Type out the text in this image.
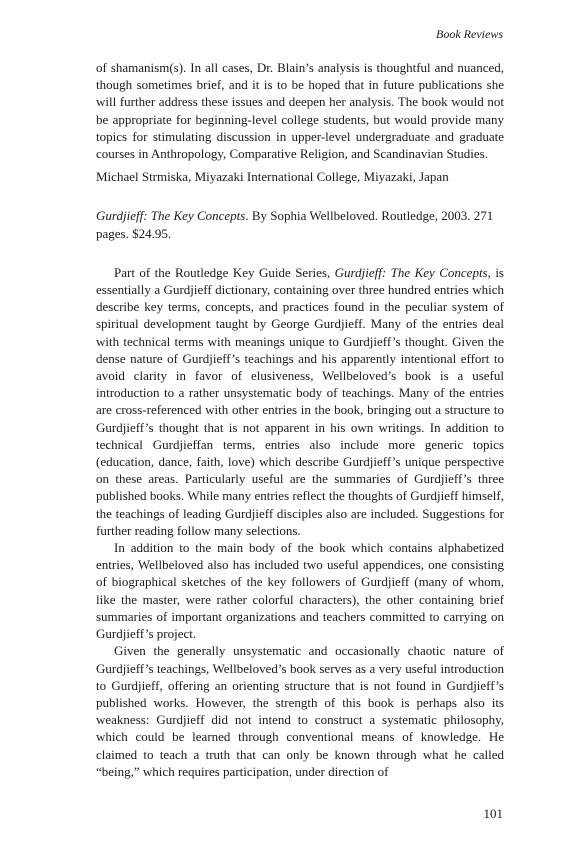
Book Reviews

of shamanism(s). In all cases, Dr. Blain’s analysis is thoughtful and nuanced, though sometimes brief, and it is to be hoped that in future publications she will further address these issues and deepen her analysis. The book would not be appropriate for beginning-level college students, but would provide many topics for stimulating discussion in upper-level undergraduate and graduate courses in Anthropology, Comparative Religion, and Scandinavian Studies.

Michael Strmiska, Miyazaki International College, Miyazaki, Japan

Gurdjieff: The Key Concepts. By Sophia Wellbeloved. Routledge, 2003. 271 pages. $24.95.

Part of the Routledge Key Guide Series, Gurdjieff: The Key Concepts, is essentially a Gurdjieff dictionary, containing over three hundred entries which describe key terms, concepts, and practices found in the peculiar system of spiritual development taught by George Gurdjieff. Many of the entries deal with technical terms with meanings unique to Gurdjieff’s thought. Given the dense nature of Gurdjieff’s teachings and his apparently intentional effort to avoid clarity in favor of elusiveness, Wellbeloved’s book is a useful introduction to a rather unsystematic body of teachings. Many of the entries are cross-referenced with other entries in the book, bringing out a structure to Gurdjieff’s thought that is not apparent in his own writings. In addition to technical Gurdjieffan terms, entries also include more generic topics (education, dance, faith, love) which describe Gurdjieff’s unique perspective on these areas. Particularly useful are the summaries of Gurdjieff’s three published books. While many entries reflect the thoughts of Gurdjieff himself, the teachings of leading Gurdjieff disciples also are included. Suggestions for further reading follow many selections.

In addition to the main body of the book which contains alphabetized entries, Wellbeloved also has included two useful appendices, one consisting of biographical sketches of the key followers of Gurdjieff (many of whom, like the master, were rather colorful characters), the other containing brief summaries of important organizations and teachers committed to carrying on Gurdjieff’s project.

Given the generally unsystematic and occasionally chaotic nature of Gurdjieff’s teachings, Wellbeloved’s book serves as a very useful introduction to Gurdjieff, offering an orienting structure that is not found in Gurdjieff’s published works. However, the strength of this book is perhaps also its weakness: Gurdjieff did not intend to construct a systematic philosophy, which could be learned through conventional means of knowledge. He claimed to teach a truth that can only be known through what he called “being,” which requires participation, under direction of

101
